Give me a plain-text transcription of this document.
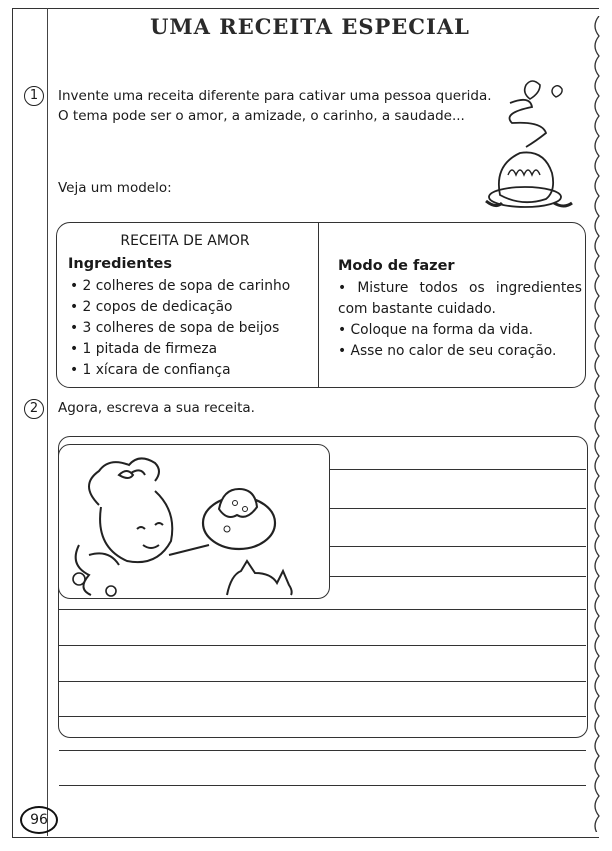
UMA RECEITA ESPECIAL
1	Invente uma receita diferente para cativar uma pessoa querida.
O tema pode ser o amor, a amizade, o carinho, a saudade...
Veja um modelo:
RECEITA DE AMOR
Ingredientes
• 2 colheres de sopa de carinho
• 2 copos de dedicação
• 3 colheres de sopa de beijos
• 1 pitada de firmeza
• 1 xícara de confiança
Modo de fazer
• Misture todos os ingredientes com bastante cuidado.
• Coloque na forma da vida.
• Asse no calor de seu coração.
2	Agora, escreva a sua receita.
96
